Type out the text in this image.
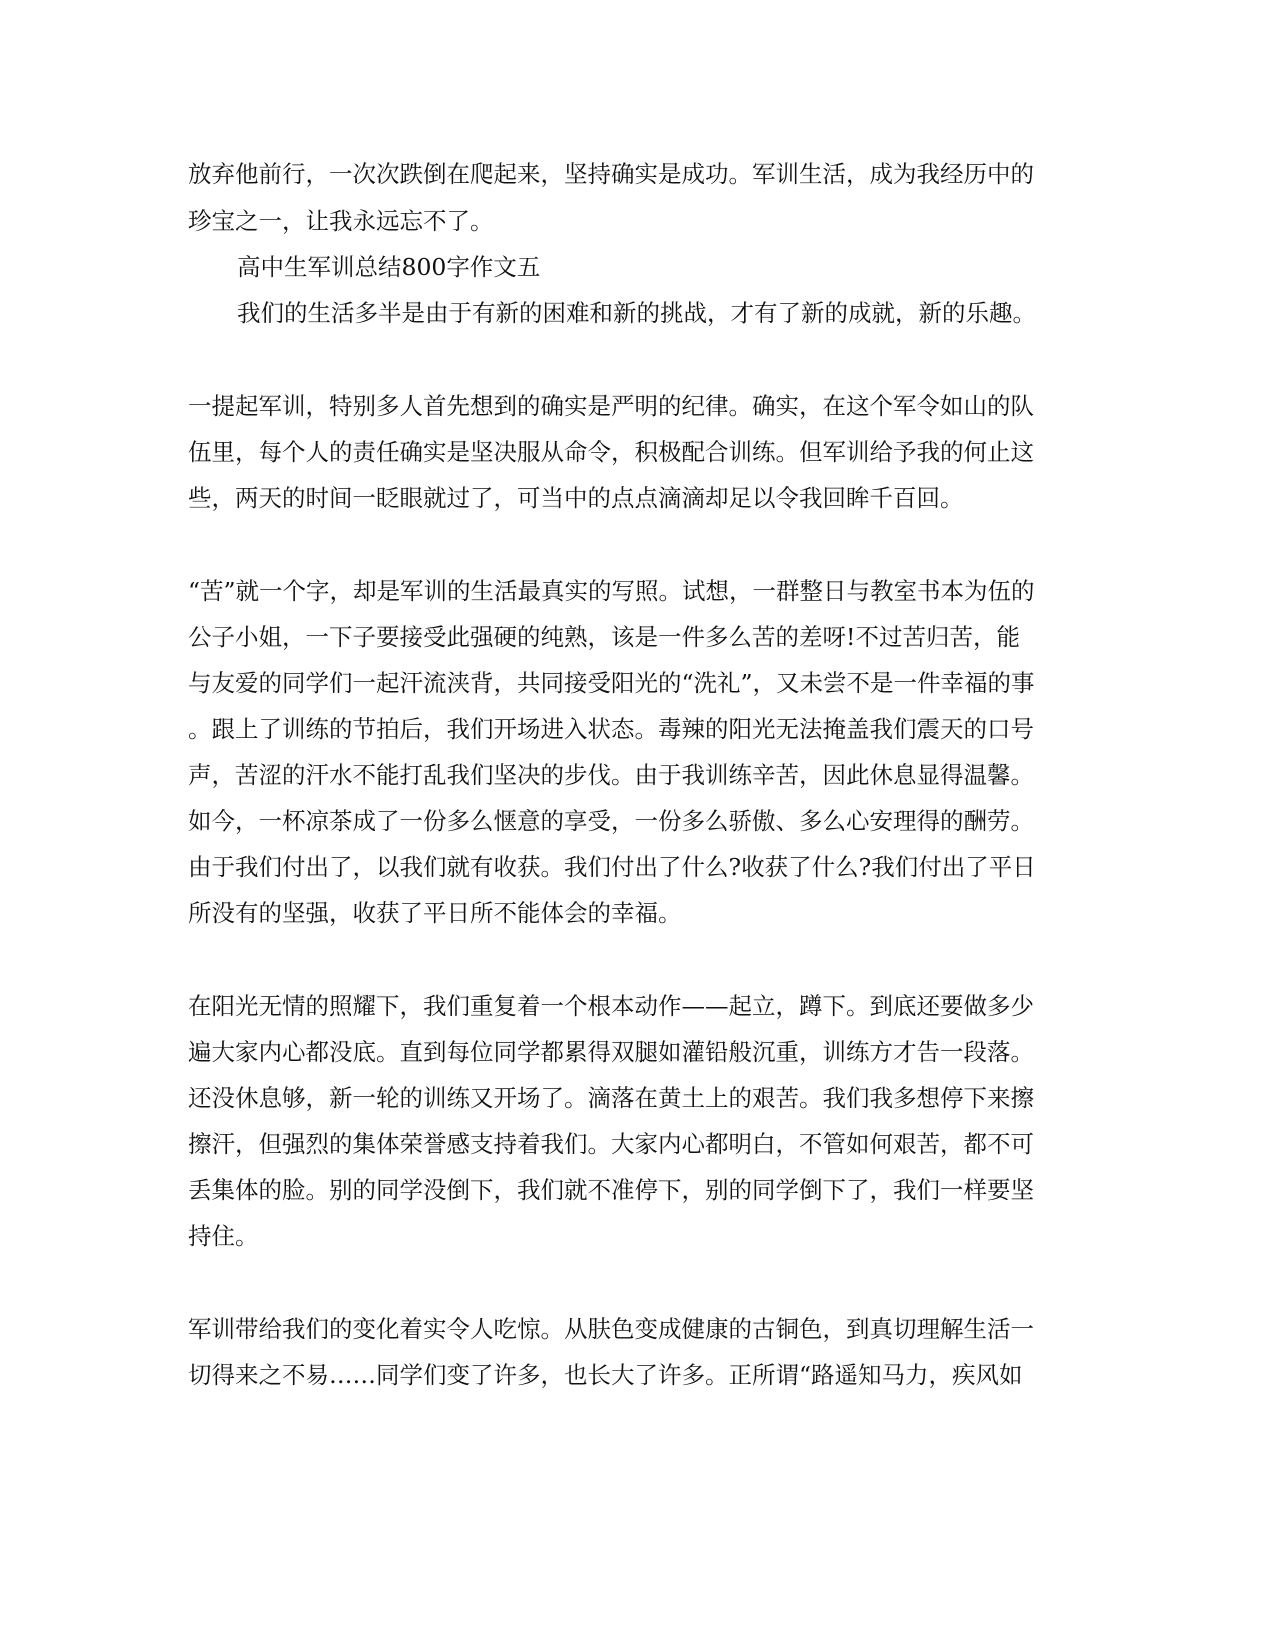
放弃他前行，一次次跌倒在爬起来，坚持确实是成功。军训生活，成为我经历中的
珍宝之一，让我永远忘不了。
高中生军训总结800字作文五
我们的生活多半是由于有新的困难和新的挑战，才有了新的成就，新的乐趣。
一提起军训，特别多人首先想到的确实是严明的纪律。确实，在这个军令如山的队
伍里，每个人的责任确实是坚决服从命令，积极配合训练。但军训给予我的何止这
些，两天的时间一眨眼就过了，可当中的点点滴滴却足以令我回眸千百回。
“苦”就一个字，却是军训的生活最真实的写照。试想，一群整日与教室书本为伍的
公子小姐，一下子要接受此强硬的纯熟，该是一件多么苦的差呀!不过苦归苦，能
与友爱的同学们一起汗流浃背，共同接受阳光的“洗礼”，又未尝不是一件幸福的事
。跟上了训练的节拍后，我们开场进入状态。毒辣的阳光无法掩盖我们震天的口号
声，苦涩的汗水不能打乱我们坚决的步伐。由于我训练辛苦，因此休息显得温馨。
如今，一杯凉茶成了一份多么惬意的享受，一份多么骄傲、多么心安理得的酬劳。
由于我们付出了，以我们就有收获。我们付出了什么?收获了什么?我们付出了平日
所没有的坚强，收获了平日所不能体会的幸福。
在阳光无情的照耀下，我们重复着一个根本动作——起立，蹲下。到底还要做多少
遍大家内心都没底。直到每位同学都累得双腿如灌铅般沉重，训练方才告一段落。
还没休息够，新一轮的训练又开场了。滴落在黄土上的艰苦。我们我多想停下来擦
擦汗，但强烈的集体荣誉感支持着我们。大家内心都明白，不管如何艰苦，都不可
丢集体的脸。别的同学没倒下，我们就不准停下，别的同学倒下了，我们一样要坚
持住。
军训带给我们的变化着实令人吃惊。从肤色变成健康的古铜色，到真切理解生活一
切得来之不易……同学们变了许多，也长大了许多。正所谓“路遥知马力，疾风如
